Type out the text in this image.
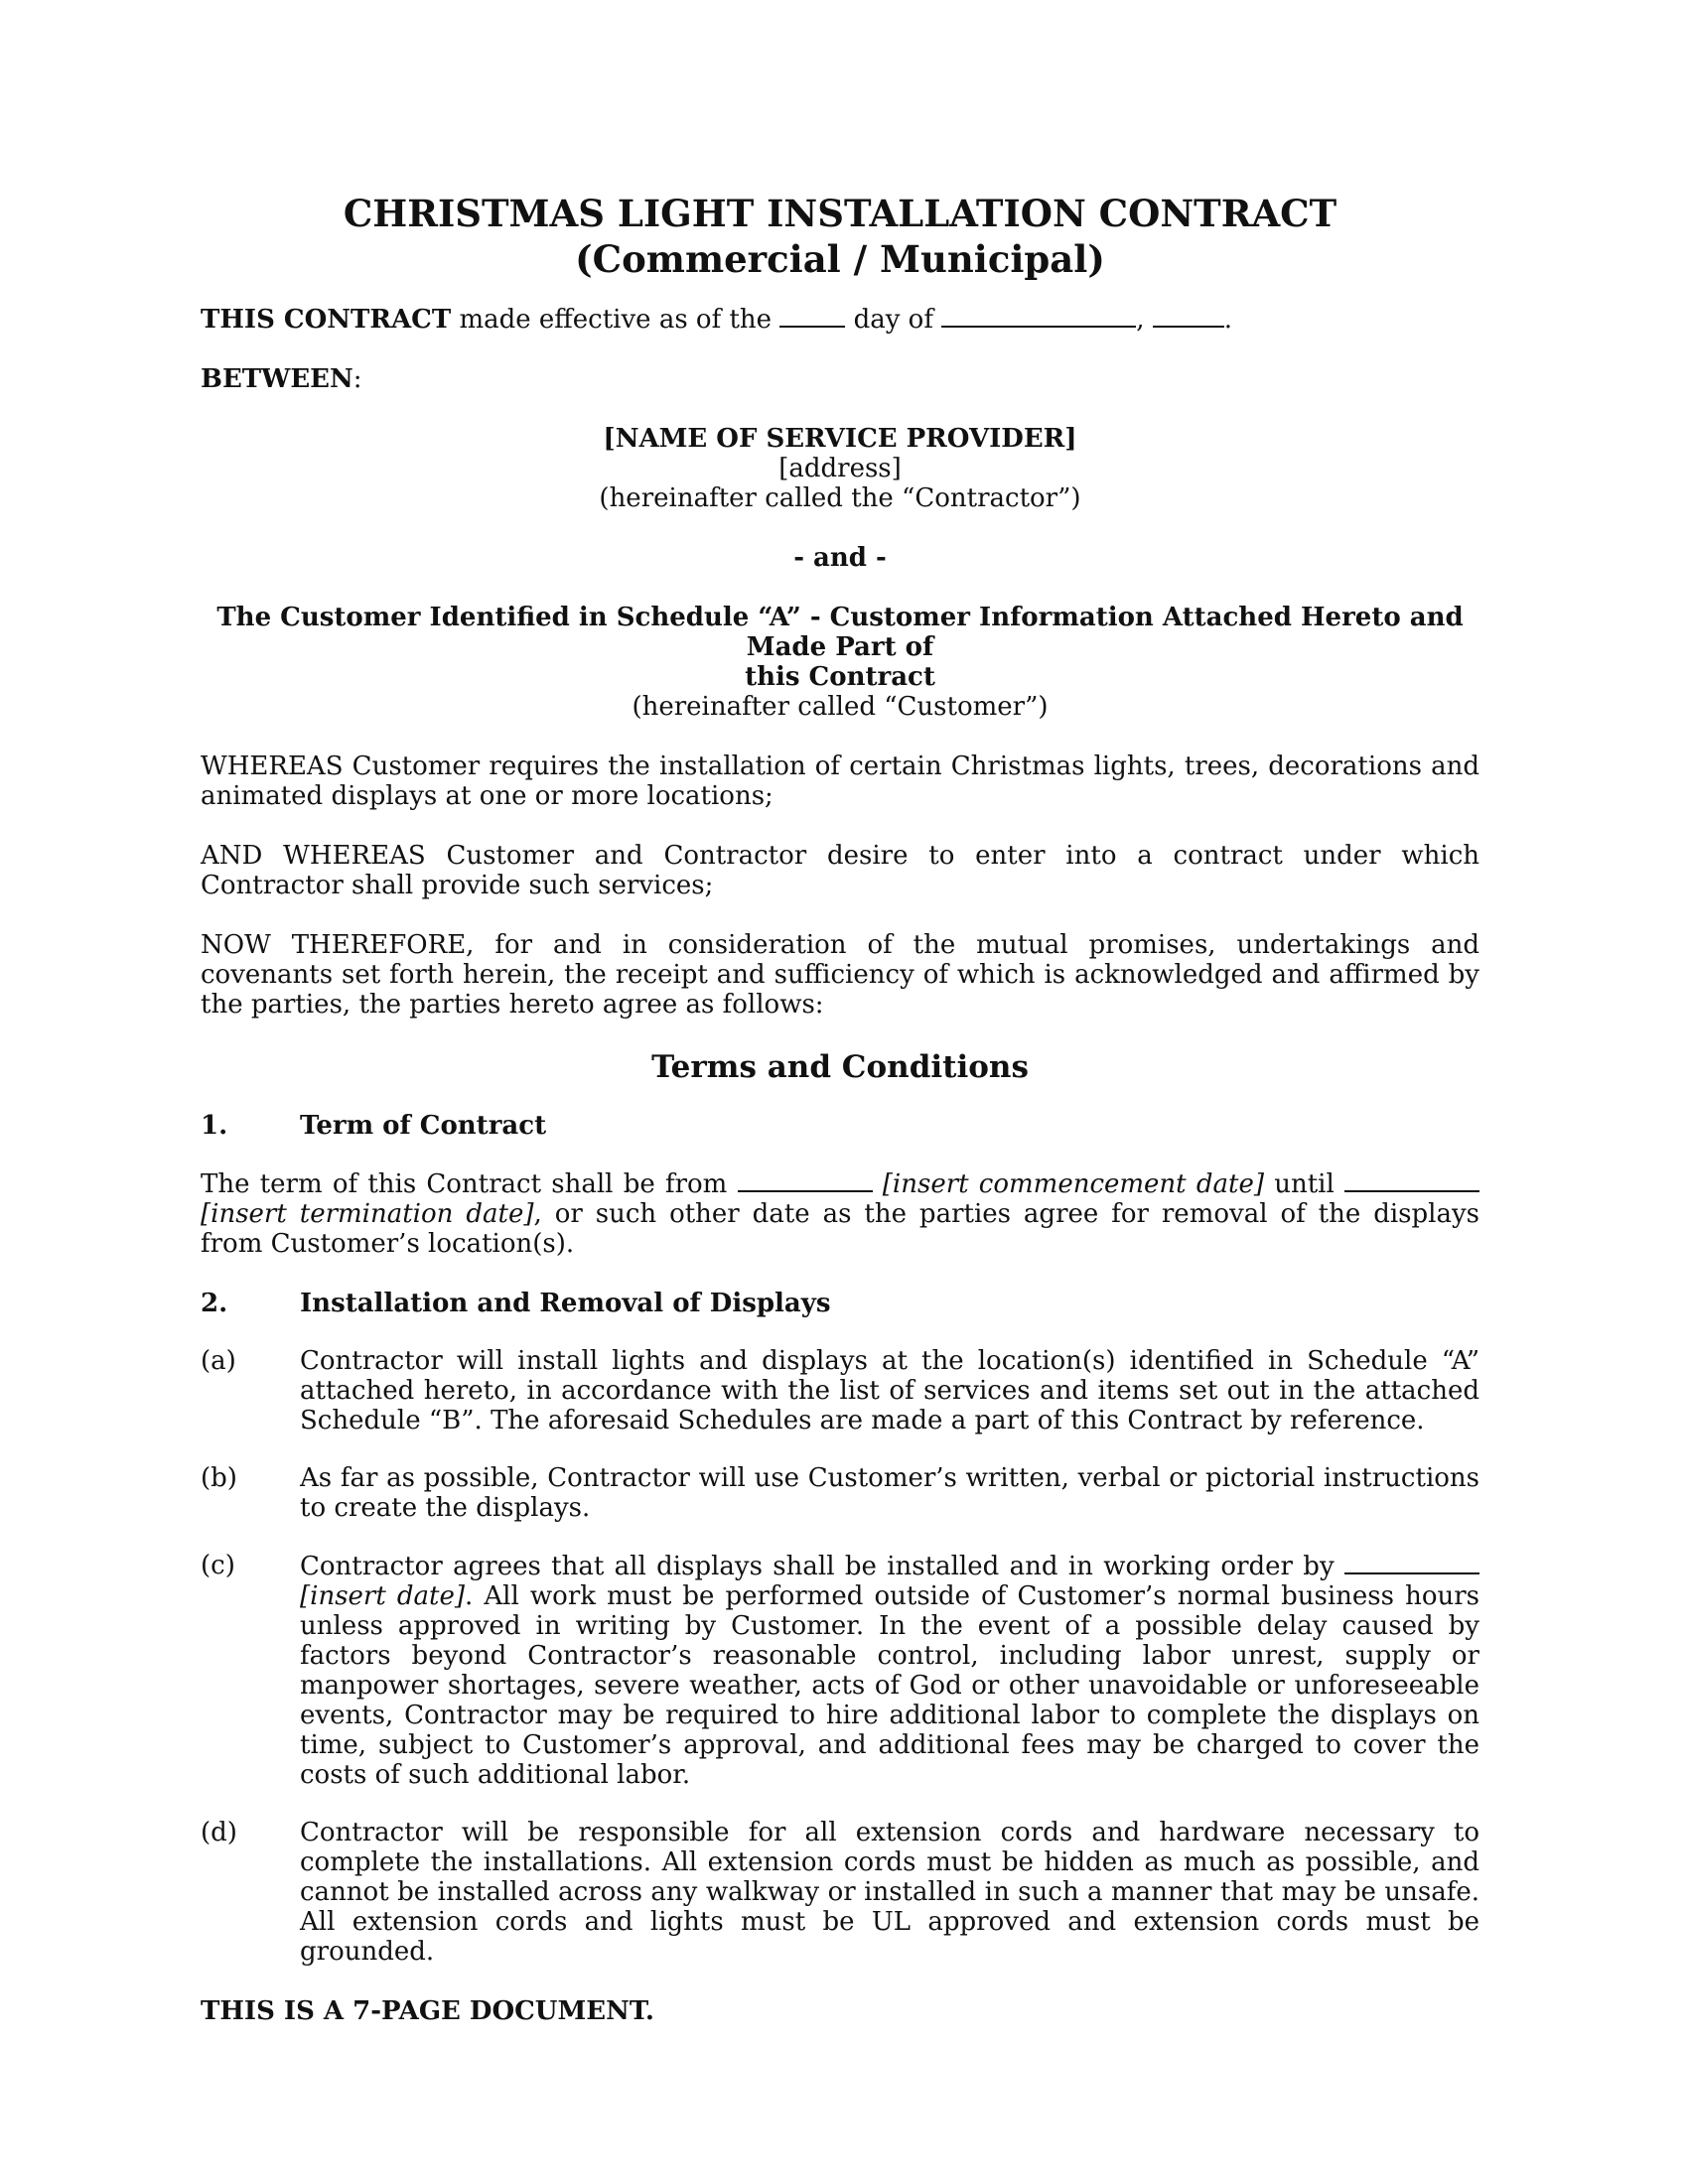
CHRISTMAS LIGHT INSTALLATION CONTRACT

(Commercial / Municipal)

THIS CONTRACT made effective as of the	day of	,	.

BETWEEN:

[NAME OF SERVICE PROVIDER]

[address]

(hereinafter called the “Contractor”)

- and -

The Customer Identified in Schedule “A” - Customer Information Attached Hereto and Made Part of

this Contract

(hereinafter called “Customer”)

WHEREAS Customer requires the installation of certain Christmas lights, trees, decorations and animated displays at one or more locations;

AND WHEREAS Customer and Contractor desire to enter into a contract under which Contractor shall provide such services;

NOW THEREFORE, for and in consideration of the mutual promises, undertakings and covenants set forth herein, the receipt and sufficiency of which is acknowledged and affirmed by the parties, the parties hereto agree as follows:

Terms and Conditions

1.	Term of Contract

The term of this Contract shall be from	[insert commencement date] until  [insert termination date], or such other date as the parties agree for removal of the displays from Customer’s location(s).

2.	Installation and Removal of Displays
(a)	Contractor will install lights and displays at the location(s) identified in Schedule “A” attached hereto, in accordance with the list of services and items set out in the attached Schedule “B”. The aforesaid Schedules are made a part of this Contract by reference.
(b)	As far as possible, Contractor will use Customer’s written, verbal or pictorial instructions to create the displays.
(c)	Contractor agrees that all displays shall be installed and in working order by  [insert date]. All work must be performed outside of Customer’s normal business hours unless approved in writing by Customer. In the event of a possible delay caused by factors beyond Contractor’s reasonable control, including labor unrest, supply or manpower shortages, severe weather, acts of God or other unavoidable or unforeseeable events, Contractor may be required to hire additional labor to complete the displays on time, subject to Customer’s approval, and additional fees may be charged to cover the costs of such additional labor.
(d)	Contractor will be responsible for all extension cords and hardware necessary to complete the installations. All extension cords must be hidden as much as possible, and cannot be installed across any walkway or installed in such a manner that may be unsafe. All extension cords and lights must be UL approved and extension cords must be grounded.

THIS IS A 7-PAGE DOCUMENT.
